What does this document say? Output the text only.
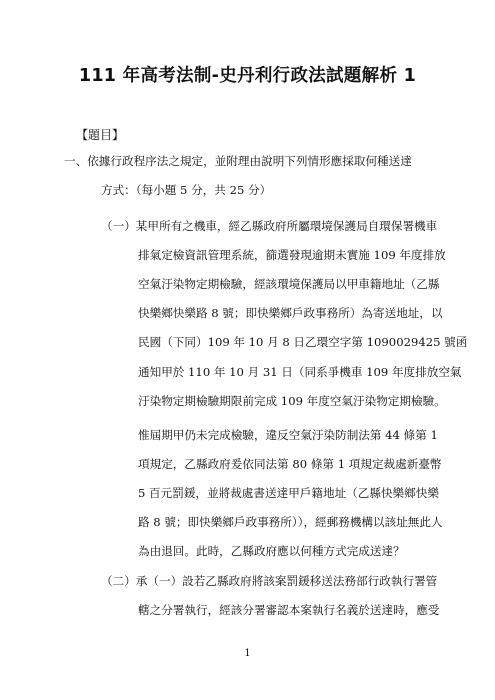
111 年高考法制-史丹利行政法試題解析 1
【題目】
一、依據行政程序法之規定，並附理由說明下列情形應採取何種送達
方式：（每小題 5 分，共 25 分）
（一）某甲所有之機車，經乙縣政府所屬環境保護局自環保署機車
排氣定檢資訊管理系統，篩選發現逾期未實施 109 年度排放
空氣汙染物定期檢驗，經該環境保護局以甲車籍地址（乙縣
快樂鄉快樂路 8 號；即快樂鄉戶政事務所）為寄送地址，以
民國（下同）109 年 10 月 8 日乙環空字第 1090029425 號函
通知甲於 110 年 10 月 31 日（同系爭機車 109 年度排放空氣
汙染物定期檢驗期限前完成 109 年度空氣汙染物定期檢驗。
惟屆期甲仍未完成檢驗，違反空氣汙染防制法第 44 條第 1
項規定，乙縣政府爰依同法第 80 條第 1 項規定裁處新臺幣
5 百元罰鍰，並將裁處書送達甲戶籍地址（乙縣快樂鄉快樂
路 8 號；即快樂鄉戶政事務所）），經郵務機構以該址無此人
為由退回。此時，乙縣政府應以何種方式完成送達？
（二）承（一）設若乙縣政府將該案罰鍰移送法務部行政執行署管
轄之分署執行，經該分署審認本案執行名義於送達時，應受
1
